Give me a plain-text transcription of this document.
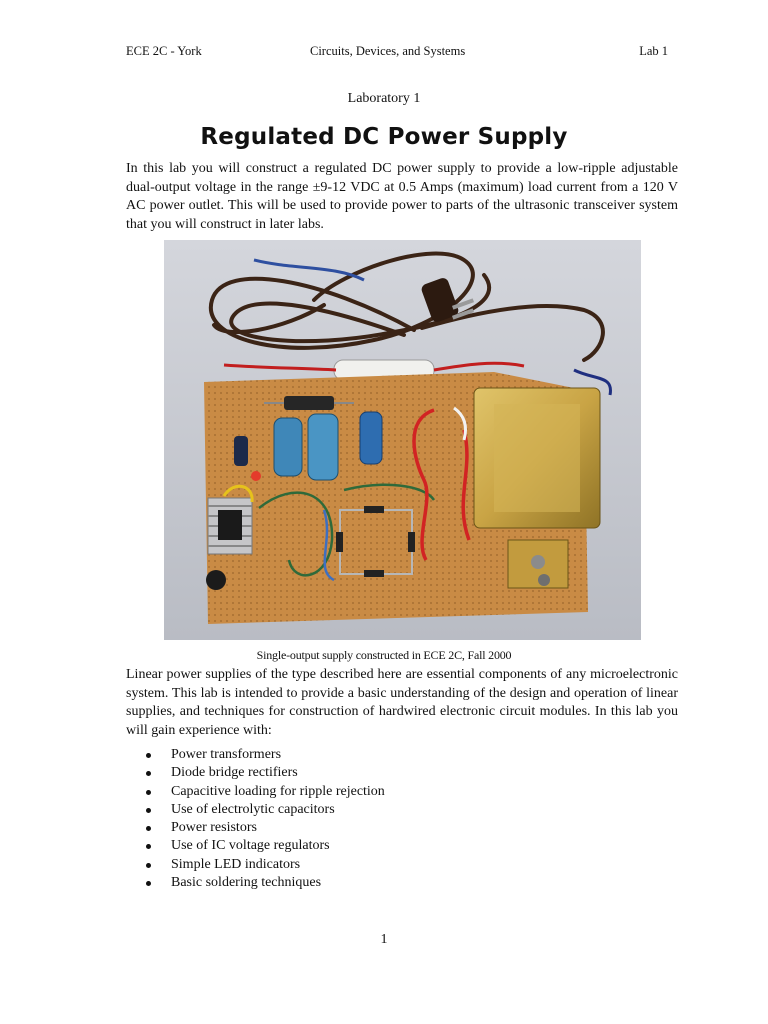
ECE 2C - York	Circuits, Devices, and Systems	Lab 1
Laboratory 1
Regulated DC Power Supply

In this lab you will construct a regulated DC power supply to provide a low-ripple adjustable dual-output voltage in the range ±9-12 VDC at 0.5 Amps (maximum) load current from a 120 V AC power outlet. This will be used to provide power to parts of the ultrasonic transceiver system that you will construct in later labs.

Single-output supply constructed in ECE 2C, Fall 2000

Linear power supplies of the type described here are essential components of any microelectronic system. This lab is intended to provide a basic understanding of the design and operation of linear supplies, and techniques for construction of hardwired electronic circuit modules. In this lab you will gain experience with:

Power transformers
Diode bridge rectifiers
Capacitive loading for ripple rejection
Use of electrolytic capacitors
Power resistors
Use of IC voltage regulators
Simple LED indicators
Basic soldering techniques
1
